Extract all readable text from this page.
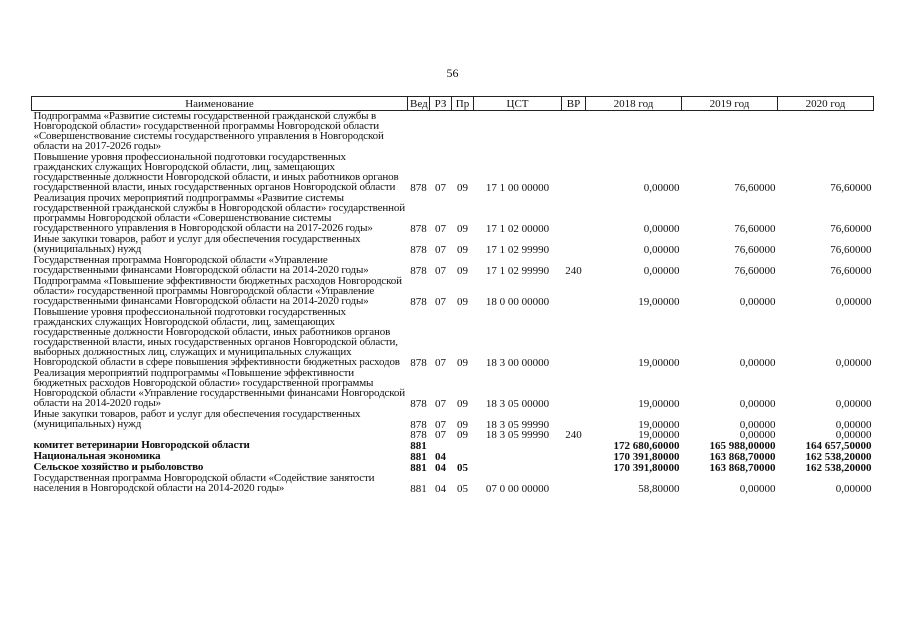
56
Наименование	Вед	РЗ	Пр	ЦСТ	ВР	2018 год	2019 год	2020 год
Подпрограмма «Развитие системы государственной гражданской службы в Новгородской области» государственной программы Новгородской области «Совершенствование системы государственного управления в Новгородской области на 2017-2026 годы»								
Повышение уровня профессиональной подготовки государственных гражданских служащих Новгородской области, лиц, замещающих государственные должности Новгородской области, и иных работников органов государственной власти, иных государственных органов Новгородской области	878	07	09	17 1 00 00000		0,00000	76,60000	76,60000
Реализация прочих мероприятий подпрограммы «Развитие системы государственной гражданской службы в Новгородской области» государственной программы Новгородской области «Совершенствование системы государственного управления в Новгородской области на 2017-2026 годы»	878	07	09	17 1 02 00000		0,00000	76,60000	76,60000
Иные закупки товаров, работ и услуг для обеспечения государственных (муниципальных) нужд	878	07	09	17 1 02 99990		0,00000	76,60000	76,60000
Государственная программа Новгородской области «Управление государственными финансами Новгородской области на 2014-2020 годы»	878	07	09	17 1 02 99990	240	0,00000	76,60000	76,60000
Подпрограмма «Повышение эффективности бюджетных расходов Новгородской области» государственной программы Новгородской области «Управление государственными финансами Новгородской области на 2014-2020 годы»	878	07	09	18 0 00 00000		19,00000	0,00000	0,00000
Повышение уровня профессиональной подготовки государственных гражданских служащих Новгородской области, лиц, замещающих государственные должности Новгородской области, иных работников органов государственной власти, иных государственных органов Новгородской области, выборных должностных лиц, служащих и муниципальных служащих Новгородской области в сфере повышения эффективности бюджетных расходов	878	07	09	18 3 00 00000		19,00000	0,00000	0,00000
Реализация мероприятий подпрограммы «Повышение эффективности бюджетных расходов Новгородской области» государственной программы Новгородской области «Управление государственными финансами Новгородской области на 2014-2020 годы»	878	07	09	18 3 05 00000		19,00000	0,00000	0,00000
Иные закупки товаров, работ и услуг для обеспечения государственных (муниципальных) нужд	878	07	09	18 3 05 99990		19,00000	0,00000	0,00000
	878	07	09	18 3 05 99990	240	19,00000	0,00000	0,00000
комитет ветеринарии Новгородской области	881					172 680,60000	165 988,00000	164 657,50000
Национальная экономика	881	04				170 391,80000	163 868,70000	162 538,20000
Сельское хозяйство и рыболовство	881	04	05			170 391,80000	163 868,70000	162 538,20000
Государственная программа Новгородской области «Содействие занятости населения в Новгородской области на 2014-2020 годы»	881	04	05	07 0 00 00000		58,80000	0,00000	0,00000
